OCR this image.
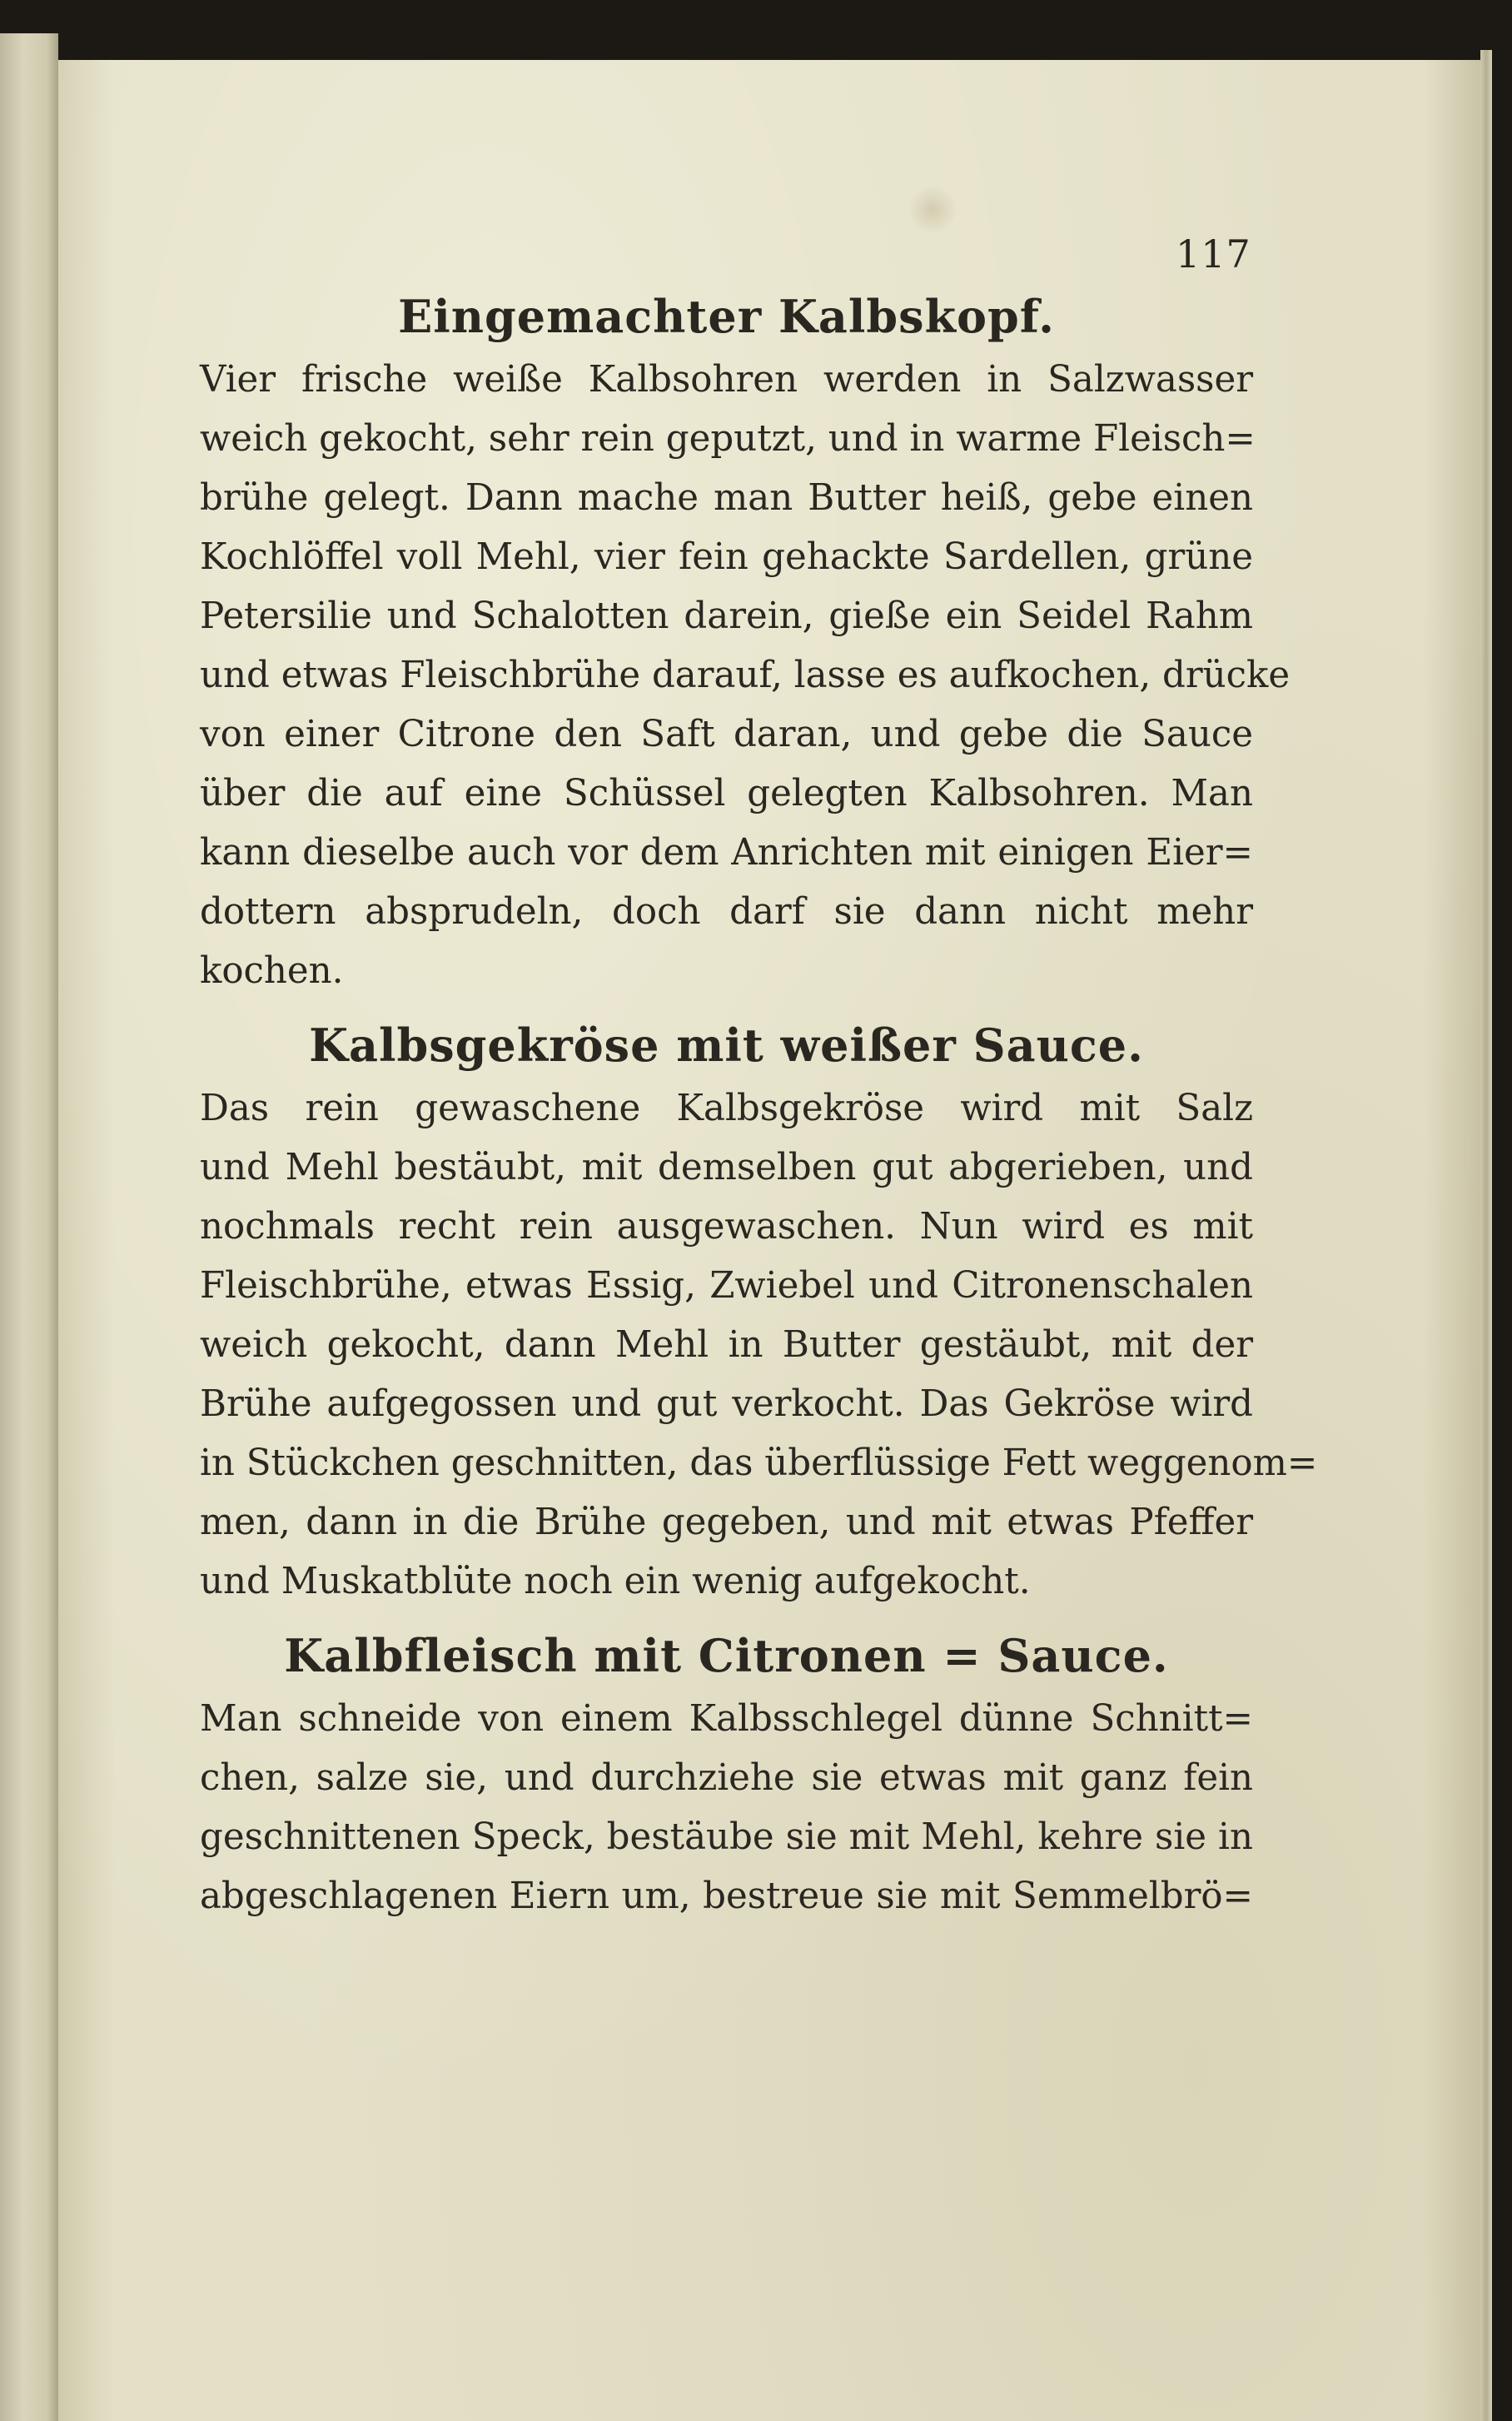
117
Eingemachter Kalbskopf.
Vier frische weiße Kalbsohren werden in Salzwasser
weich gekocht, sehr rein geputzt, und in warme Fleisch=
brühe gelegt. Dann mache man Butter heiß, gebe einen
Kochlöffel voll Mehl, vier fein gehackte Sardellen, grüne
Petersilie und Schalotten darein, gieße ein Seidel Rahm
und etwas Fleischbrühe darauf, lasse es aufkochen, drücke
von einer Citrone den Saft daran, und gebe die Sauce
über die auf eine Schüssel gelegten Kalbsohren. Man
kann dieselbe auch vor dem Anrichten mit einigen Eier=
dottern absprudeln, doch darf sie dann nicht mehr
kochen.
Kalbsgekröse mit weißer Sauce.
Das rein gewaschene Kalbsgekröse wird mit Salz
und Mehl bestäubt, mit demselben gut abgerieben, und
nochmals recht rein ausgewaschen. Nun wird es mit
Fleischbrühe, etwas Essig, Zwiebel und Citronenschalen
weich gekocht, dann Mehl in Butter gestäubt, mit der
Brühe aufgegossen und gut verkocht. Das Gekröse wird
in Stückchen geschnitten, das überflüssige Fett weggenom=
men, dann in die Brühe gegeben, und mit etwas Pfeffer
und Muskatblüte noch ein wenig aufgekocht.
Kalbfleisch mit Citronen = Sauce.
Man schneide von einem Kalbsschlegel dünne Schnitt=
chen, salze sie, und durchziehe sie etwas mit ganz fein
geschnittenen Speck, bestäube sie mit Mehl, kehre sie in
abgeschlagenen Eiern um, bestreue sie mit Semmelbrö=
